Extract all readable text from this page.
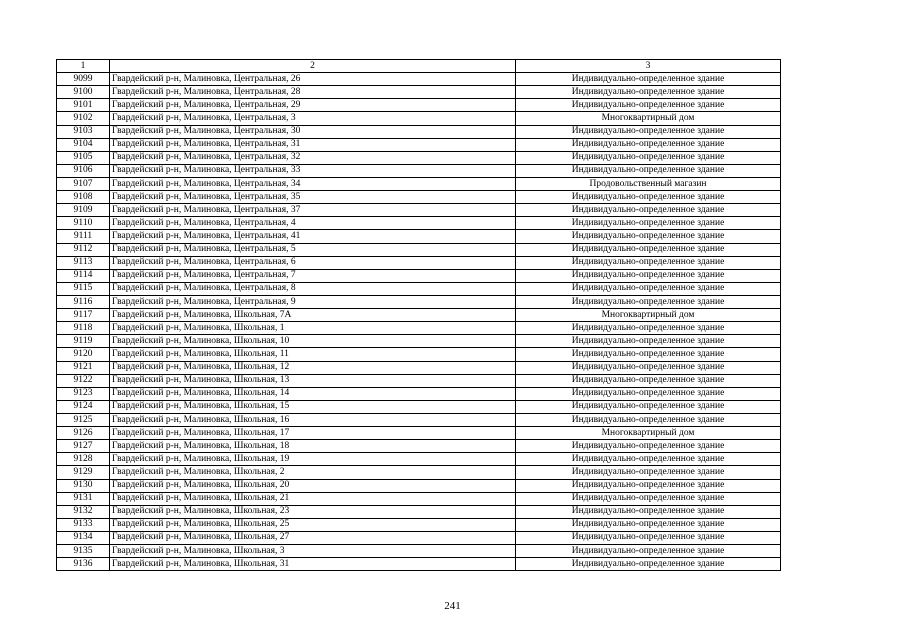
1	2	3
9099	Гвардейский р-н, Малиновка, Центральная, 26	Индивидуально-определенное здание
9100	Гвардейский р-н, Малиновка, Центральная, 28	Индивидуально-определенное здание
9101	Гвардейский р-н, Малиновка, Центральная, 29	Индивидуально-определенное здание
9102	Гвардейский р-н, Малиновка, Центральная, 3	Многоквартирный дом
9103	Гвардейский р-н, Малиновка, Центральная, 30	Индивидуально-определенное здание
9104	Гвардейский р-н, Малиновка, Центральная, 31	Индивидуально-определенное здание
9105	Гвардейский р-н, Малиновка, Центральная, 32	Индивидуально-определенное здание
9106	Гвардейский р-н, Малиновка, Центральная, 33	Индивидуально-определенное здание
9107	Гвардейский р-н, Малиновка, Центральная, 34	Продовольственный магазин
9108	Гвардейский р-н, Малиновка, Центральная, 35	Индивидуально-определенное здание
9109	Гвардейский р-н, Малиновка, Центральная, 37	Индивидуально-определенное здание
9110	Гвардейский р-н, Малиновка, Центральная, 4	Индивидуально-определенное здание
9111	Гвардейский р-н, Малиновка, Центральная, 41	Индивидуально-определенное здание
9112	Гвардейский р-н, Малиновка, Центральная, 5	Индивидуально-определенное здание
9113	Гвардейский р-н, Малиновка, Центральная, 6	Индивидуально-определенное здание
9114	Гвардейский р-н, Малиновка, Центральная, 7	Индивидуально-определенное здание
9115	Гвардейский р-н, Малиновка, Центральная, 8	Индивидуально-определенное здание
9116	Гвардейский р-н, Малиновка, Центральная, 9	Индивидуально-определенное здание
9117	Гвардейский р-н, Малиновка, Школьная, 7А	Многоквартирный дом
9118	Гвардейский р-н, Малиновка, Школьная, 1	Индивидуально-определенное здание
9119	Гвардейский р-н, Малиновка, Школьная, 10	Индивидуально-определенное здание
9120	Гвардейский р-н, Малиновка, Школьная, 11	Индивидуально-определенное здание
9121	Гвардейский р-н, Малиновка, Школьная, 12	Индивидуально-определенное здание
9122	Гвардейский р-н, Малиновка, Школьная, 13	Индивидуально-определенное здание
9123	Гвардейский р-н, Малиновка, Школьная, 14	Индивидуально-определенное здание
9124	Гвардейский р-н, Малиновка, Школьная, 15	Индивидуально-определенное здание
9125	Гвардейский р-н, Малиновка, Школьная, 16	Индивидуально-определенное здание
9126	Гвардейский р-н, Малиновка, Школьная, 17	Многоквартирный дом
9127	Гвардейский р-н, Малиновка, Школьная, 18	Индивидуально-определенное здание
9128	Гвардейский р-н, Малиновка, Школьная, 19	Индивидуально-определенное здание
9129	Гвардейский р-н, Малиновка, Школьная, 2	Индивидуально-определенное здание
9130	Гвардейский р-н, Малиновка, Школьная, 20	Индивидуально-определенное здание
9131	Гвардейский р-н, Малиновка, Школьная, 21	Индивидуально-определенное здание
9132	Гвардейский р-н, Малиновка, Школьная, 23	Индивидуально-определенное здание
9133	Гвардейский р-н, Малиновка, Школьная, 25	Индивидуально-определенное здание
9134	Гвардейский р-н, Малиновка, Школьная, 27	Индивидуально-определенное здание
9135	Гвардейский р-н, Малиновка, Школьная, 3	Индивидуально-определенное здание
9136	Гвардейский р-н, Малиновка, Школьная, 31	Индивидуально-определенное здание
241
